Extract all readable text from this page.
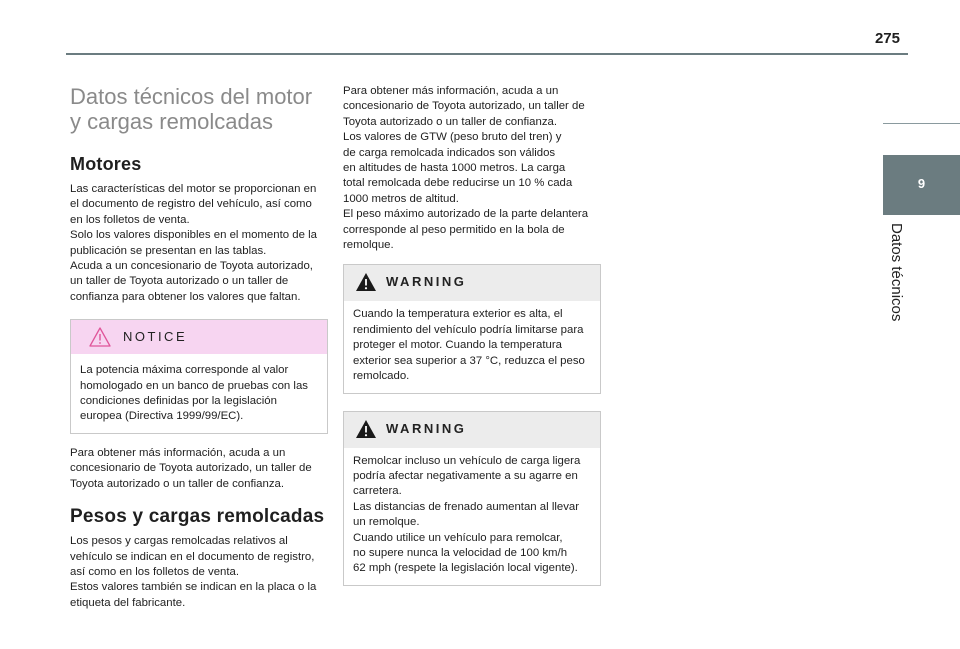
275
9
Datos técnicos
Datos técnicos del motor
y cargas remolcadas
Motores

Las características del motor se proporcionan en
el documento de registro del vehículo, así como
en los folletos de venta.
Solo los valores disponibles en el momento de la
publicación se presentan en las tablas.
Acuda a un concesionario de Toyota autorizado,
un taller de Toyota autorizado o un taller de
confianza para obtener los valores que faltan.

NOTICE

La potencia máxima corresponde al valor
homologado en un banco de pruebas con las
condiciones definidas por la legislación
europea (Directiva 1999/99/EC).

Para obtener más información, acuda a un
concesionario de Toyota autorizado, un taller de
Toyota autorizado o un taller de confianza.

Pesos y cargas remolcadas

Los pesos y cargas remolcadas relativos al
vehículo se indican en el documento de registro,
así como en los folletos de venta.
Estos valores también se indican en la placa o la
etiqueta del fabricante.

Para obtener más información, acuda a un
concesionario de Toyota autorizado, un taller de
Toyota autorizado o un taller de confianza.
Los valores de GTW (peso bruto del tren) y
de carga remolcada indicados son válidos
en altitudes de hasta 1000 metros. La carga
total remolcada debe reducirse un 10 % cada
1000 metros de altitud.
El peso máximo autorizado de la parte delantera
corresponde al peso permitido en la bola de
remolque.

WARNING

Cuando la temperatura exterior es alta, el
rendimiento del vehículo podría limitarse para
proteger el motor. Cuando la temperatura
exterior sea superior a 37 °C, reduzca el peso
remolcado.

WARNING

Remolcar incluso un vehículo de carga ligera
podría afectar negativamente a su agarre en
carretera.
Las distancias de frenado aumentan al llevar
un remolque.
Cuando utilice un vehículo para remolcar,
no supere nunca la velocidad de 100 km/h
62 mph (respete la legislación local vigente).
